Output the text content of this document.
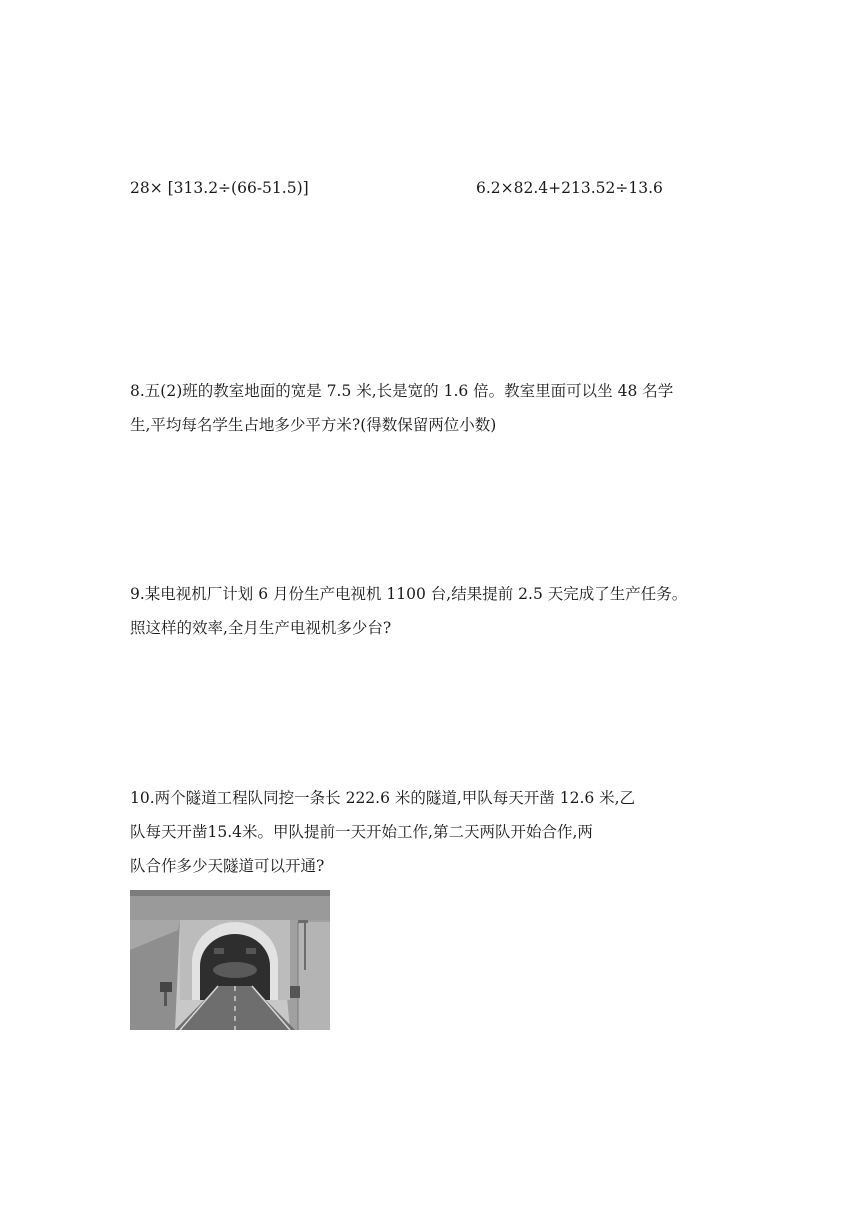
28× [313.2÷(66-51.5)]	6.2×82.4+213.52÷13.6
8.五(2)班的教室地面的宽是 7.5 米,长是宽的 1.6 倍。教室里面可以坐 48 名学
生,平均每名学生占地多少平方米?(得数保留两位小数)
9.某电视机厂计划 6 月份生产电视机 1100 台,结果提前 2.5 天完成了生产任务。
照这样的效率,全月生产电视机多少台?
10.两个隧道工程队同挖一条长 222.6 米的隧道,甲队每天开凿 12.6 米,乙
队每天开凿15.4米。甲队提前一天开始工作,第二天两队开始合作,两
队合作多少天隧道可以开通?
